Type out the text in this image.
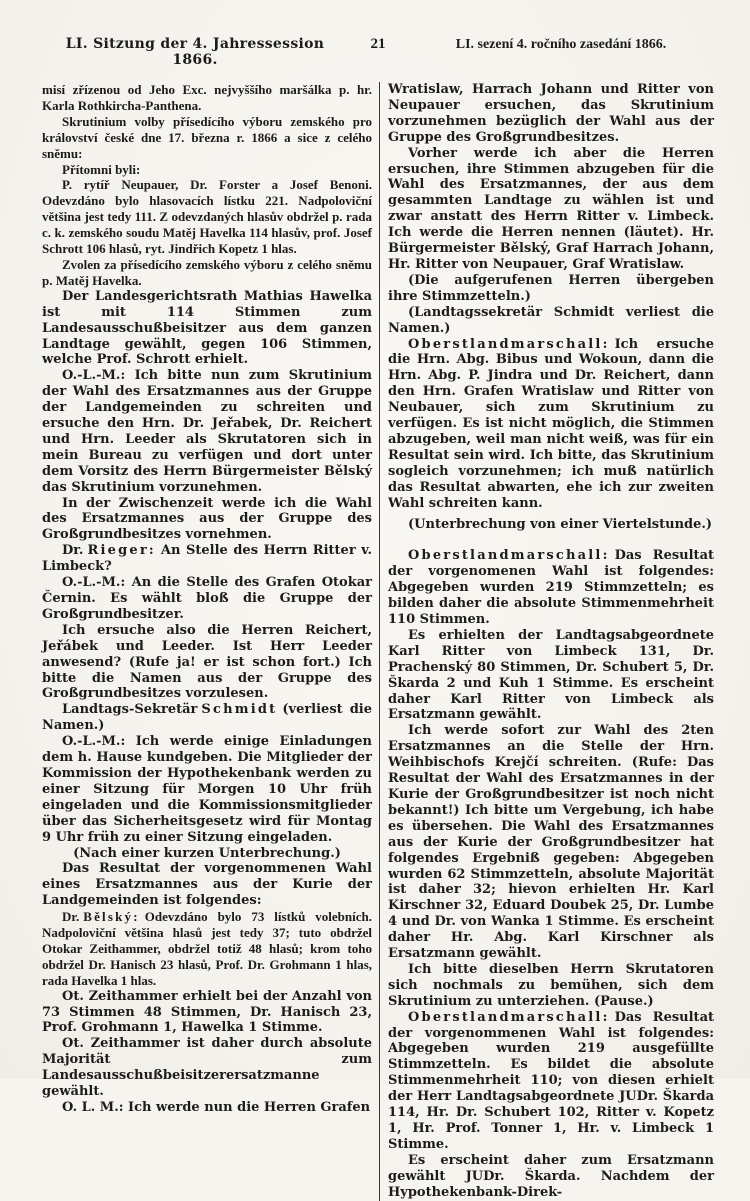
LI. Sitzung der 4. Jahressession 1866.
21	LI. sezení 4. ročního zasedání 1866.

misí zřízenou od Jeho Exc. nejvyššího maršálka p. hr. Karla Rothkircha-Panthena.

Skrutinium volby přísedícího výboru zemského pro království české dne 17. března r. 1866 a sice z celého sněmu:

Přítomni byli:

P. rytíř Neupauer, Dr. Forster a Josef Benoni. Odevzdáno bylo hlasovacích lístku 221. Nadpoloviční většina jest tedy 111. Z odevzdaných hlasův obdržel p. rada c. k. zemského soudu Matěj Havelka 114 hlasův, prof. Josef Schrott 106 hlasů, ryt. Jindřich Kopetz 1 hlas.

Zvolen za přísedícího zemského výboru z celého sněmu p. Matěj Havelka.

Der Landesgerichtsrath Mathias Hawelka ist mit 114 Stimmen zum Landesausschußbeisitzer aus dem ganzen Landtage gewählt, gegen 106 Stimmen, welche Prof. Schrott erhielt.

O.-L.-M.: Ich bitte nun zum Skrutinium der Wahl des Ersatzmannes aus der Gruppe der Landgemeinden zu schreiten und ersuche den Hrn. Dr. Jeřabek, Dr. Reichert und Hrn. Leeder als Skrutatoren sich in mein Bureau zu verfügen und dort unter dem Vorsitz des Herrn Bürgermeister Bělský das Skrutinium vorzunehmen.

In der Zwischenzeit werde ich die Wahl des Ersatzmannes aus der Gruppe des Großgrundbesitzes vornehmen.

Dr. Rieger: An Stelle des Herrn Ritter v. Limbeck?

O.-L.-M.: An die Stelle des Grafen Otokar Černin. Es wählt bloß die Gruppe der Großgrundbesitzer.

Ich ersuche also die Herren Reichert, Jeřábek und Leeder. Ist Herr Leeder anwesend? (Rufe ja! er ist schon fort.) Ich bitte die Namen aus der Gruppe des Großgrundbesitzes vorzulesen.

Landtags-Sekretär Schmidt (verliest die Namen.)

O.-L.-M.: Ich werde einige Einladungen dem h. Hause kundgeben. Die Mitglieder der Kommission der Hypothekenbank werden zu einer Sitzung für Morgen 10 Uhr früh eingeladen und die Kommissionsmitglieder über das Sicherheitsgesetz wird für Montag 9 Uhr früh zu einer Sitzung eingeladen.

(Nach einer kurzen Unterbrechung.)

Das Resultat der vorgenommenen Wahl eines Ersatzmannes aus der Kurie der Landgemeinden ist folgendes:

Dr. Bělský: Odevzdáno bylo 73 lístků volebních. Nadpoloviční většina hlasů jest tedy 37; tuto obdržel Otokar Zeithammer, obdržel totiž 48 hlasů; krom toho obdržel Dr. Hanisch 23 hlasů, Prof. Dr. Grohmann 1 hlas, rada Havelka 1 hlas.

Ot. Zeithammer erhielt bei der Anzahl von 73 Stimmen 48 Stimmen, Dr. Hanisch 23, Prof. Grohmann 1, Hawelka 1 Stimme.

Ot. Zeithammer ist daher durch absolute Majorität zum Landesausschußbeisitzerersatzmanne gewählt.

O. L. M.: Ich werde nun die Herren Grafen

Wratislaw, Harrach Johann und Ritter von Neupauer ersuchen, das Skrutinium vorzunehmen bezüglich der Wahl aus der Gruppe des Großgrundbesitzes.

Vorher werde ich aber die Herren ersuchen, ihre Stimmen abzugeben für die Wahl des Ersatzmannes, der aus dem gesammten Landtage zu wählen ist und zwar anstatt des Herrn Ritter v. Limbeck. Ich werde die Herren nennen (läutet). Hr. Bürgermeister Bělský, Graf Harrach Johann, Hr. Ritter von Neupauer, Graf Wratislaw.

(Die aufgerufenen Herren übergeben ihre Stimmzetteln.)

(Landtagssekretär Schmidt verliest die Namen.)

Oberstlandmarschall: Ich ersuche die Hrn. Abg. Bibus und Wokoun, dann die Hrn. Abg. P. Jindra und Dr. Reichert, dann den Hrn. Grafen Wratislaw und Ritter von Neubauer, sich zum Skrutinium zu verfügen. Es ist nicht möglich, die Stimmen abzugeben, weil man nicht weiß, was für ein Resultat sein wird. Ich bitte, das Skrutinium sogleich vorzunehmen; ich muß natürlich das Resultat abwarten, ehe ich zur zweiten Wahl schreiten kann.

(Unterbrechung von einer Viertelstunde.)

Oberstlandmarschall: Das Resultat der vorgenomenen Wahl ist folgendes: Abgegeben wurden 219 Stimmzetteln; es bilden daher die absolute Stimmenmehrheit 110 Stimmen.

Es erhielten der Landtagsabgeordnete Karl Ritter von Limbeck 131, Dr. Prachenský 80 Stimmen, Dr. Schubert 5, Dr. Škarda 2 und Kuh 1 Stimme. Es erscheint daher Karl Ritter von Limbeck als Ersatzmann gewählt.

Ich werde sofort zur Wahl des 2ten Ersatzmannes an die Stelle der Hrn. Weihbischofs Krejčí schreiten. (Rufe: Das Resultat der Wahl des Ersatzmannes in der Kurie der Großgrundbesitzer ist noch nicht bekannt!) Ich bitte um Vergebung, ich habe es übersehen. Die Wahl des Ersatzmannes aus der Kurie der Großgrundbesitzer hat folgendes Ergebniß gegeben: Abgegeben wurden 62 Stimmzetteln, absolute Majorität ist daher 32; hievon erhielten Hr. Karl Kirschner 32, Eduard Doubek 25, Dr. Lumbe 4 und Dr. von Wanka 1 Stimme. Es erscheint daher Hr. Abg. Karl Kirschner als Ersatzmann gewählt.

Ich bitte dieselben Herrn Skrutatoren sich nochmals zu bemühen, sich dem Skrutinium zu unterziehen. (Pause.)

Oberstlandmarschall: Das Resultat der vorgenommenen Wahl ist folgendes: Abgegeben wurden 219 ausgefüllte Stimmzetteln. Es bildet die absolute Stimmenmehrheit 110; von diesen erhielt der Herr Landtagsabgeordnete JUDr. Škarda 114, Hr. Dr. Schubert 102, Ritter v. Kopetz 1, Hr. Prof. Tonner 1, Hr. v. Limbeck 1 Stimme.

Es erscheint daher zum Ersatzmann gewählt JUDr. Škarda. Nachdem der Hypothekenbank-Direk-
